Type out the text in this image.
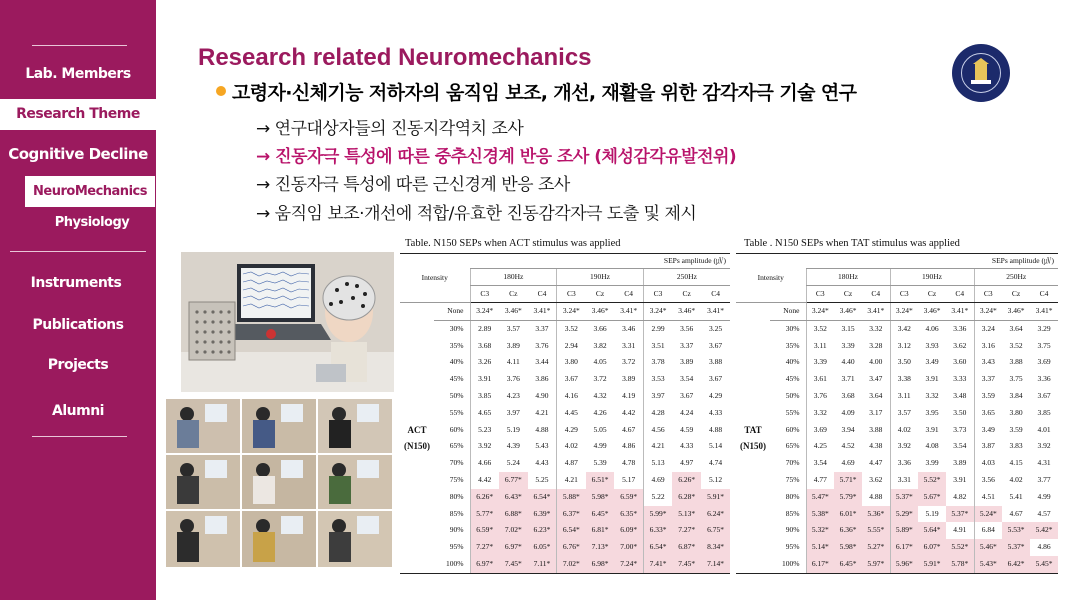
Lab. Members
Research Theme
Cognitive Decline
NeuroMechanics
Physiology
Instruments
Publications
Projects
Alumni
Research related Neuromechanics
고령자·신체기능 저하자의 움직임 보조, 개선, 재활을 위한 감각자극 기술 연구
→ 연구대상자들의 진동지각역치 조사
→ 진동자극 특성에 따른 중추신경계 반응 조사 (체성감각유발전위)
→ 진동자극 특성에 따른 근신경계 반응 조사
→ 움직임 보조·개선에 적합/유효한 진동감각자극 도출 및 제시
Table. N150 SEPs when ACT stimulus was applied
Intensity		SEPs amplitude (㎶)								
		180Hz			190Hz			250Hz		
		C3	Cz	C4	C3	Cz	C4	C3	Cz	C4

ACT
(N150)	None	3.24*	3.46*	3.41*	3.24*	3.46*	3.41*	3.24*	3.46*	3.41*
	30%	2.89	3.57	3.37	3.52	3.66	3.46	2.99	3.56	3.25
	35%	3.68	3.89	3.76	2.94	3.82	3.31	3.51	3.37	3.67
	40%	3.26	4.11	3.44	3.80	4.05	3.72	3.78	3.89	3.88
	45%	3.91	3.76	3.86	3.67	3.72	3.89	3.53	3.54	3.67
	50%	3.85	4.23	4.90	4.16	4.32	4.19	3.97	3.67	4.29
	55%	4.65	3.97	4.21	4.45	4.26	4.42	4.28	4.24	4.33
	60%	5.23	5.19	4.88	4.29	5.05	4.67	4.56	4.59	4.88
	65%	3.92	4.39	5.43	4.02	4.99	4.86	4.21	4.33	5.14
	70%	4.66	5.24	4.43	4.87	5.39	4.78	5.13	4.97	4.74
	75%	4.42	6.77*	5.25	4.21	6.51*	5.17	4.69	6.26*	5.12
	80%	6.26*	6.43*	6.54*	5.88*	5.98*	6.59*	5.22	6.28*	5.91*
	85%	5.77*	6.88*	6.39*	6.37*	6.45*	6.35*	5.99*	5.13*	6.24*
	90%	6.59*	7.02*	6.23*	6.54*	6.81*	6.09*	6.33*	7.27*	6.75*
	95%	7.27*	6.97*	6.05*	6.76*	7.13*	7.00*	6.54*	6.87*	8.34*
	100%	6.97*	7.45*	7.11*	7.02*	6.98*	7.24*	7.41*	7.45*	7.14*
Table . N150 SEPs when TAT stimulus was applied
Intensity		SEPs amplitude (㎶)								
		180Hz			190Hz			250Hz		
		C3	Cz	C4	C3	Cz	C4	C3	Cz	C4

TAT
(N150)	None	3.24*	3.46*	3.41*	3.24*	3.46*	3.41*	3.24*	3.46*	3.41*
	30%	3.52	3.15	3.32	3.42	4.06	3.36	3.24	3.64	3.29
	35%	3.11	3.39	3.28	3.12	3.93	3.62	3.16	3.52	3.75
	40%	3.39	4.40	4.00	3.50	3.49	3.60	3.43	3.88	3.69
	45%	3.61	3.71	3.47	3.38	3.91	3.33	3.37	3.75	3.36
	50%	3.76	3.68	3.64	3.11	3.32	3.48	3.59	3.84	3.67
	55%	3.32	4.09	3.17	3.57	3.95	3.50	3.65	3.80	3.85
	60%	3.69	3.94	3.88	4.02	3.91	3.73	3.49	3.59	4.01
	65%	4.25	4.52	4.38	3.92	4.08	3.54	3.87	3.83	3.92
	70%	3.54	4.69	4.47	3.36	3.99	3.89	4.03	4.15	4.31
	75%	4.77	5.71*	3.62	3.31	5.52*	3.91	3.56	4.02	3.77
	80%	5.47*	5.79*	4.88	5.37*	5.67*	4.82	4.51	5.41	4.99
	85%	5.38*	6.01*	5.36*	5.29*	5.19	5.37*	5.24*	4.67	4.57
	90%	5.32*	6.36*	5.55*	5.89*	5.64*	4.91	6.84	5.53*	5.42*
	95%	5.14*	5.98*	5.27*	6.17*	6.07*	5.52*	5.46*	5.37*	4.86
	100%	6.17*	6.45*	5.97*	5.96*	5.91*	5.78*	5.43*	6.42*	5.45*
